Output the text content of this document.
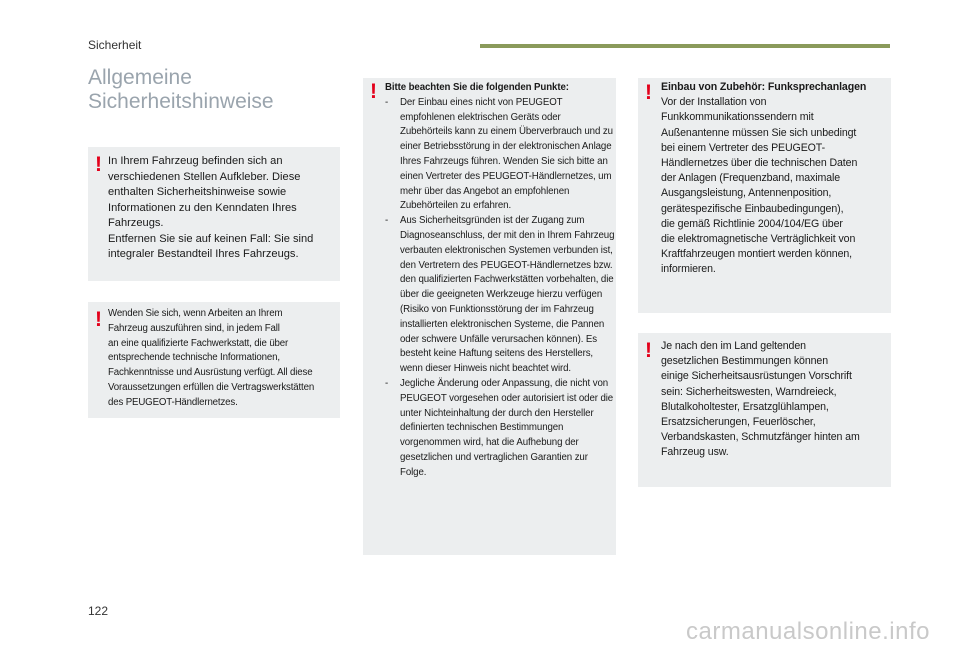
Sicherheit
Allgemeine
Sicherheitshinweise
! In Ihrem Fahrzeug befinden sich an
verschiedenen Stellen Aufkleber. Diese
enthalten Sicherheitshinweise sowie
Informationen zu den Kenndaten Ihres
Fahrzeugs.
Entfernen Sie sie auf keinen Fall: Sie sind
integraler Bestandteil Ihres Fahrzeugs.
! Wenden Sie sich, wenn Arbeiten an Ihrem
Fahrzeug auszuführen sind, in jedem Fall
an eine qualifizierte Fachwerkstatt, die über
entsprechende technische Informationen,
Fachkenntnisse und Ausrüstung verfügt. All diese
Voraussetzungen erfüllen die Vertragswerkstätten
des PEUGEOT-Händlernetzes.
! Bitte beachten Sie die folgenden Punkte:
- Der Einbau eines nicht von PEUGEOT empfohlenen elektrischen Geräts oder Zubehörteils kann zu einem Überverbrauch und zu einer Betriebsstörung in der elektronischen Anlage Ihres Fahrzeugs führen. Wenden Sie sich bitte an einen Vertreter des PEUGEOT-Händlernetzes, um mehr über das Angebot an empfohlenen Zubehörteilen zu erfahren.
- Aus Sicherheitsgründen ist der Zugang zum Diagnoseanschluss, der mit den in Ihrem Fahrzeug verbauten elektronischen Systemen verbunden ist, den Vertretern des PEUGEOT-Händlernetzes bzw. den qualifizierten Fachwerkstätten vorbehalten, die über die geeigneten Werkzeuge hierzu verfügen (Risiko von Funktionsstörung der im Fahrzeug installierten elektronischen Systeme, die Pannen oder schwere Unfälle verursachen können). Es besteht keine Haftung seitens des Herstellers, wenn dieser Hinweis nicht beachtet wird.
- Jegliche Änderung oder Anpassung, die nicht von PEUGEOT vorgesehen oder autorisiert ist oder die unter Nichteinhaltung der durch den Hersteller definierten technischen Bestimmungen vorgenommen wird, hat die Aufhebung der gesetzlichen und vertraglichen Garantien zur Folge.
! Einbau von Zubehör: Funksprechanlagen
Vor der Installation von
Funkkommunikationssendern mit
Außenantenne müssen Sie sich unbedingt
bei einem Vertreter des PEUGEOT-
Händlernetzes über die technischen Daten
der Anlagen (Frequenzband, maximale
Ausgangsleistung, Antennenposition,
gerätespezifische Einbaubedingungen),
die gemäß Richtlinie 2004/104/EG über
die elektromagnetische Verträglichkeit von
Kraftfahrzeugen montiert werden können,
informieren.
! Je nach den im Land geltenden
gesetzlichen Bestimmungen können
einige Sicherheitsausrüstungen Vorschrift
sein: Sicherheitswesten, Warndreieck,
Blutalkoholtester, Ersatzglühlampen,
Ersatzsicherungen, Feuerlöscher,
Verbandskasten, Schmutzfänger hinten am
Fahrzeug usw.
122
carmanualsonline.info
